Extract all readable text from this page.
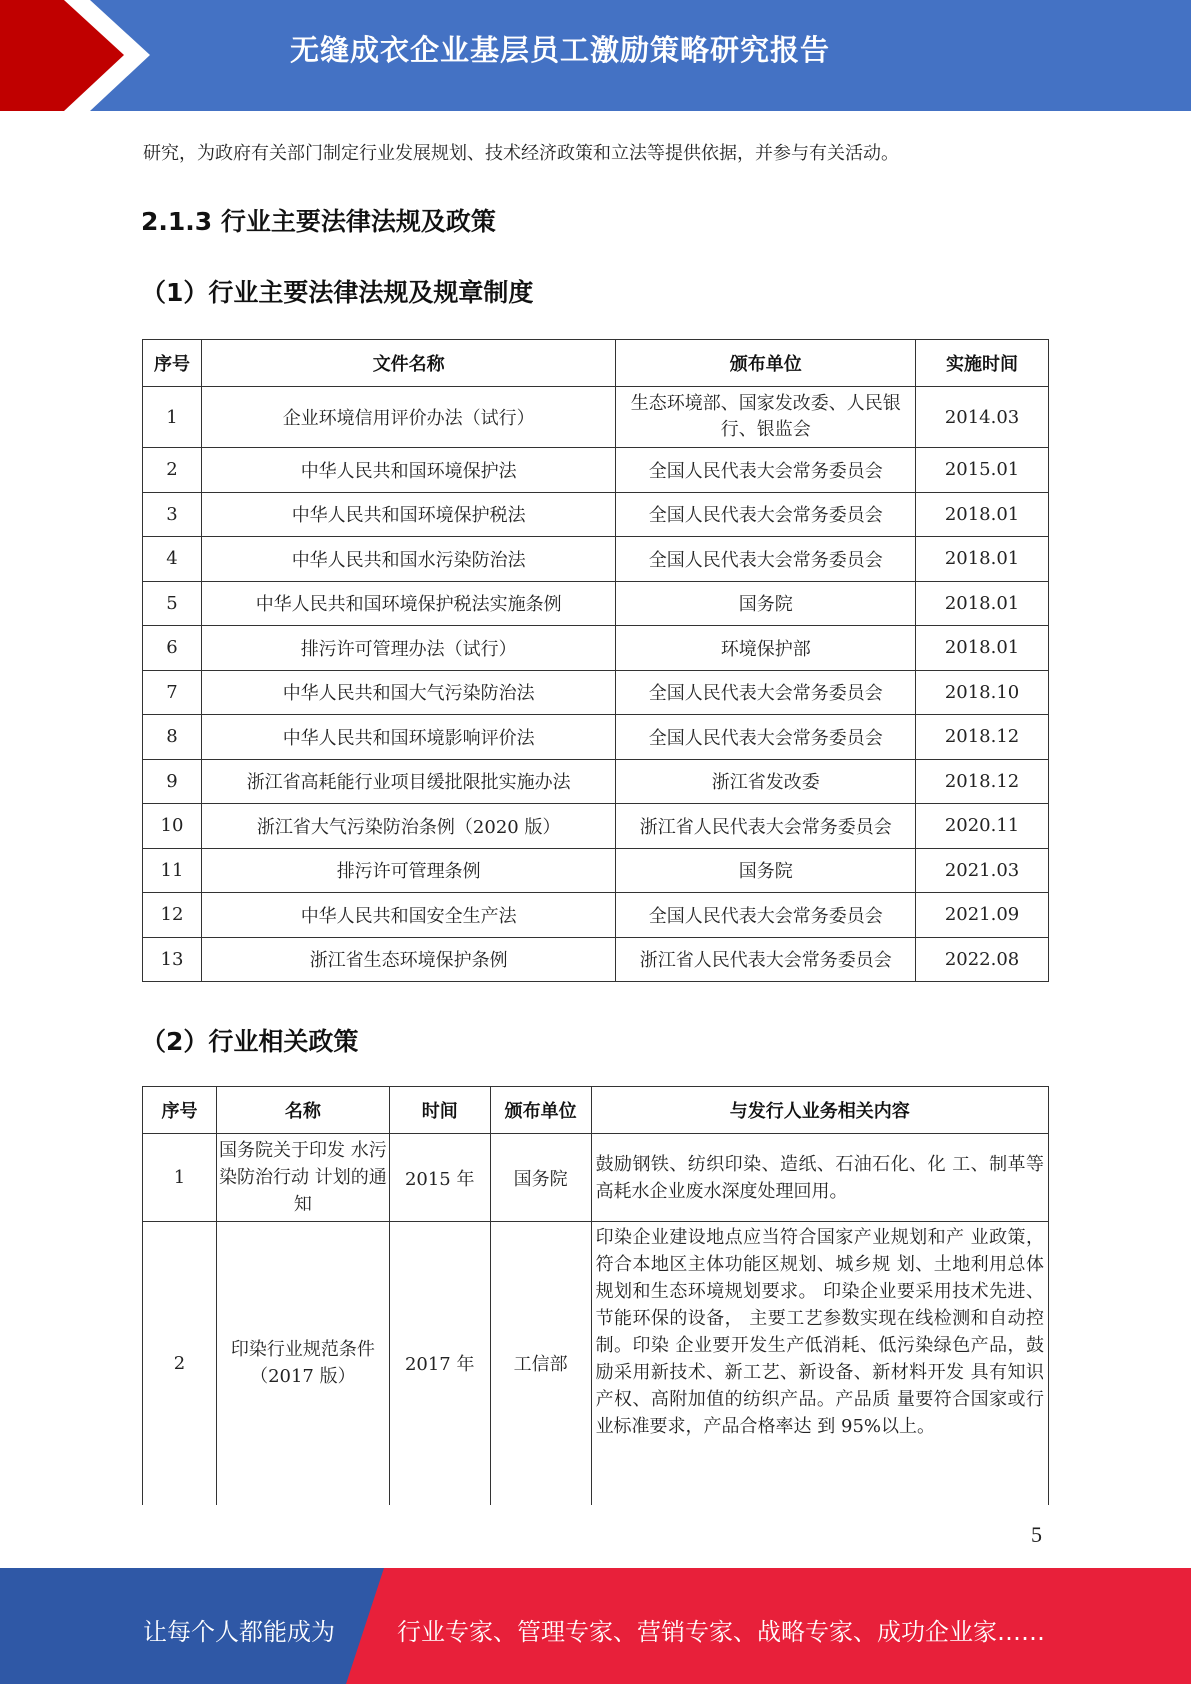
无缝成衣企业基层员工激励策略研究报告
研究，为政府有关部门制定行业发展规划、技术经济政策和立法等提供依据，并参与有关活动。
2.1.3 行业主要法律法规及政策
（1）行业主要法律法规及规章制度
序号	文件名称	颁布单位	实施时间
1	企业环境信用评价办法（试行）	生态环境部、国家发改委、人民银行、银监会	2014.03
2	中华人民共和国环境保护法	全国人民代表大会常务委员会	2015.01
3	中华人民共和国环境保护税法	全国人民代表大会常务委员会	2018.01
4	中华人民共和国水污染防治法	全国人民代表大会常务委员会	2018.01
5	中华人民共和国环境保护税法实施条例	国务院	2018.01
6	排污许可管理办法（试行）	环境保护部	2018.01
7	中华人民共和国大气污染防治法	全国人民代表大会常务委员会	2018.10
8	中华人民共和国环境影响评价法	全国人民代表大会常务委员会	2018.12
9	浙江省高耗能行业项目缓批限批实施办法	浙江省发改委	2018.12
10	浙江省大气污染防治条例（2020 版）	浙江省人民代表大会常务委员会	2020.11
11	排污许可管理条例	国务院	2021.03
12	中华人民共和国安全生产法	全国人民代表大会常务委员会	2021.09
13	浙江省生态环境保护条例	浙江省人民代表大会常务委员会	2022.08
（2）行业相关政策
序号	名称	时间	颁布单位	与发行人业务相关内容
1	国务院关于印发 水污染防治行动 计划的通知	2015 年	国务院	鼓励钢铁、纺织印染、造纸、石油石化、化 工、制革等高耗水企业废水深度处理回用。
2	印染行业规范条件（2017 版）	2017 年	工信部	印染企业建设地点应当符合国家产业规划和产 业政策，符合本地区主体功能区规划、城乡规 划、土地利用总体规划和生态环境规划要求。 印染企业要采用技术先进、节能环保的设备， 主要工艺参数实现在线检测和自动控制。印染 企业要开发生产低消耗、低污染绿色产品，鼓 励采用新技术、新工艺、新设备、新材料开发 具有知识产权、高附加值的纺织产品。产品质 量要符合国家或行业标准要求，产品合格率达 到 95%以上。
5
让每个人都能成为	行业专家、管理专家、营销专家、战略专家、成功企业家……
